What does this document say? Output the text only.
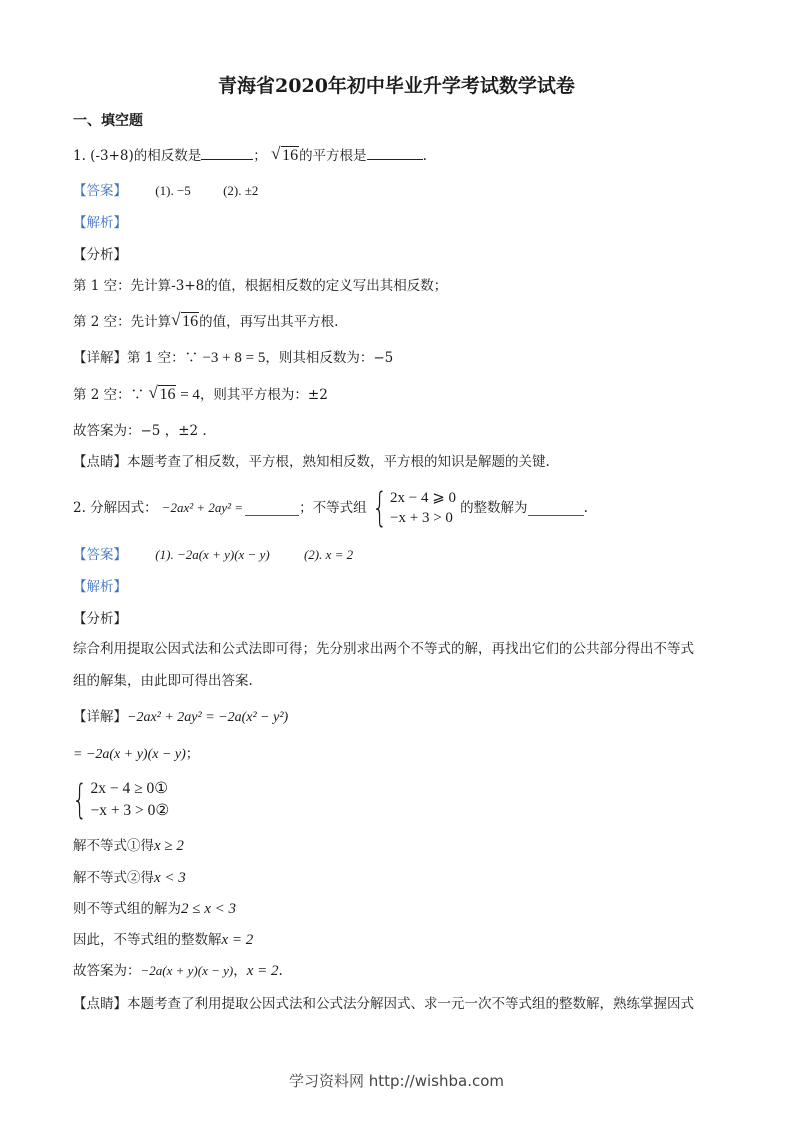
青海省2020年初中毕业升学考试数学试卷
一、填空题
1. (-3+8)的相反数是	； √ 16的平方根是	.
【答案】 (1). −5 (2). ±2
【解析】
【分析】
第 1 空：先计算-3+8的值，根据相反数的定义写出其相反数；
第 2 空：先计算 √ 16的值，再写出其平方根.
【详解】第 1 空：∵ −3 + 8 = 5，则其相反数为：−5
第 2 空：∵ √ 16 = 4，则其平方根为：±2
故答案为：−5 ，±2 .
【点睛】本题考查了相反数，平方根，熟知相反数，平方根的知识是解题的关键.
2. 分解因式： −2ax² + 2ay² =	；不等式组 { 2x − 4 ⩾ 0
−x + 3 > 0
的整数解为	.
【答案】 (1). −2a(x + y)(x − y)	(2). x = 2
【解析】
【分析】
综合利用提取公因式法和公式法即可得；先分别求出两个不等式的解，再找出它们的公共部分得出不等式
组的解集，由此即可得出答案.
【详解】−2ax² + 2ay² = −2a(x² − y²)
= −2a(x + y)(x − y)；
{ 2x − 4 ≥ 0①
−x + 3 > 0②
解不等式①得x ≥ 2
解不等式②得x < 3
则不等式组的解为2 ≤ x < 3
因此，不等式组的整数解x = 2
故答案为：−2a(x + y)(x − y)，x = 2.
【点睛】本题考查了利用提取公因式法和公式法分解因式、求一元一次不等式组的整数解，熟练掌握因式
学习资料网 http://wishba.com
